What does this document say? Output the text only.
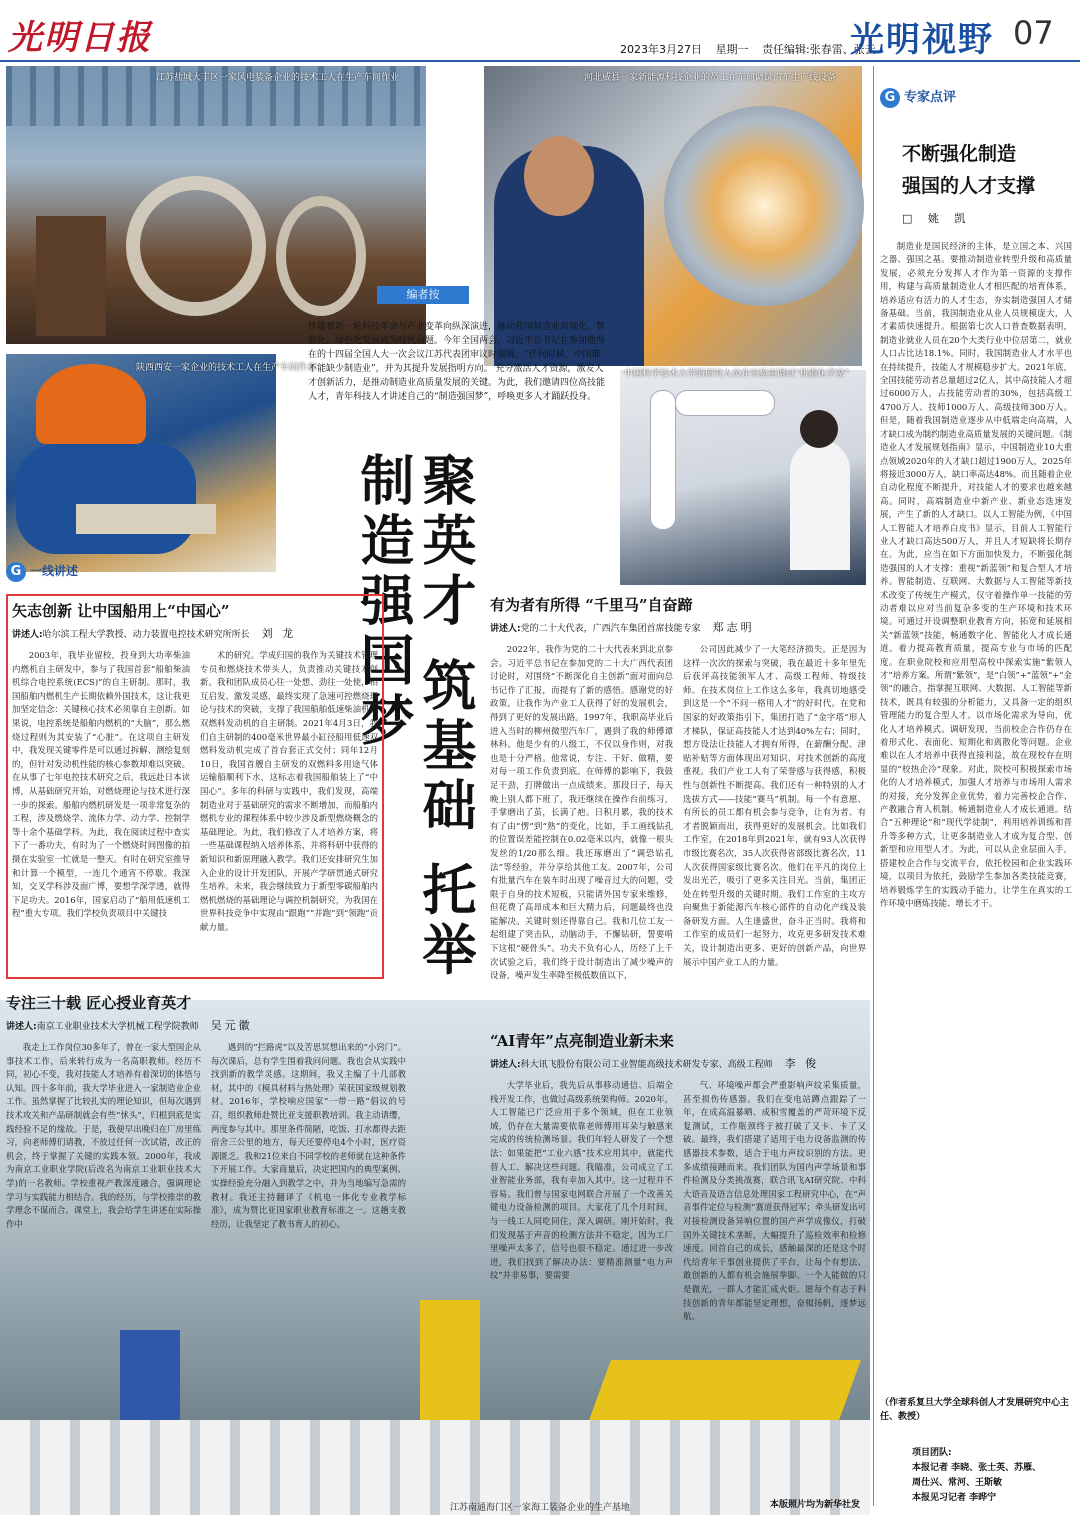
光明日报	2023年3月27日 星期一 责任编辑:张春雷、张云
光明视野 07
江苏盐城大丰区一家风电装备企业的技术工人在生产车间作业	河北威县一家新能源科技企业的员工在车间调试汽车生产线设备
陕西西安一家企业的技术工人在生产车间作业
中国科学技术大学的研究人员在实验室调试“机器化学家”
江苏南通海门区一家海工装备企业的生产基地	本版照片均为新华社发
编者按
伴随着新一轮科技革命与产业变革向纵深演进，推动我国制造业高端化、智能化、绿色化发展成为时代命题。今年全国两会，习近平总书记在参加他所在的十四届全国人大一次会议江苏代表团审议时强调，“任何时候，中国都不能缺少制造业”，并为其提升发展指明方向。 充分激活人才资源，激发人才创新活力，是推动制造业高质量发展的关键。为此，我们邀请四位高技能人才，青年科技人才讲述自己的“制造强国梦”，呼唤更多人才踊跃投身。
聚英才 筑基础 托举制造强国梦
G 一线讲述
矢志创新 让中国船用上“中国心”
讲述人:哈尔滨工程大学教授、动力装置电控技术研究所所长 刘 龙

2003年，我毕业留校，投身到大功率柴油内燃机自主研发中，参与了我国首套“船舶柴油机综合电控系统(ECS)”的自主研制。那时，我国船舶内燃机生产长期依赖外国技术，这让我更加坚定信念：关键核心技术必须靠自主创新。如果说，电控系统是船舶内燃机的“大脑”，那么燃烧过程则为其安装了“心脏”。在这项自主研发中，我发现关键零件是可以通过拆解、测绘复刻的，但针对发动机性能的核心参数却难以突破。在从事了七年电控技术研究之后，我远赴日本读博，从基础研究开始，对燃烧理论与技术进行深一步的探索。船舶内燃机研发是一项非常复杂的工程，涉及燃烧学、流体力学、动力学、控制学等十余个基础学科。为此，我在阅读过程中查实下了一番功夫，有时为了一个燃烧时间图像的拍摄在实验室一忙就是一整天。有时在研究室推导和计算一个模型，一连几个通宵不停歇。我深知，交叉学科涉及面广博，要想学深学透，就得下足功夫。2016年，国家启动了“船用低速机工程”重大专项。我们学校负责项目中关键技

术的研究。学成归国的我作为关键技术管理专员和燃烧技术带头人，负责推动关键技术创新。我和团队成员心往一处想、劲往一处使，相互启发、激发灵感，最终实现了急速可控燃烧理论与技术的突破，支撑了我国船舶低速柴油机和双燃料发动机的自主研制。2021年4月3日，我们自主研制的400毫米世界最小缸径船用低速双燃料发动机完成了首台套正式交付；同年12月10日，我国首艘自主研发的双燃料多用途气体运输船顺利下水，这标志着我国船舶装上了“中国心”。多年的科研与实践中，我们发现，高端制造业对于基础研究的需求不断增加，而船舶内燃机专业的课程体系中较少涉及新型燃烧概念的基础理论。为此，我们修改了人才培养方案，将一些基础课程纳入培养体系，并将科研中获得的新知识和新原理融入教学。我们还安排研究生加入企业的设计开发团队，开展产学研贯通式研究生培养。未来，我会继续致力于新型零碳船舶内燃机燃烧的基础理论与调控机制研究，为我国在世界科技竞争中实现由“跟跑”“并跑”到“领跑”贡献力量。

有为者有所得 “千里马”自奋蹄
讲述人:党的二十大代表，广西汽车集团首席技能专家 郑志明

2022年，我作为党的二十大代表来到北京参会。习近平总书记在参加党的二十大广西代表团讨论时，对围绕“不断深化自主创新”面对面向总书记作了汇报，而提有了新的感悟。感谢党的好政策，让我作为产业工人获得了好的发展机会，得到了更好的发展出路。1997年，我职高毕业后进入当时的柳州微型汽车厂，遇到了我的师傅谭林科。他是少有的八级工，不仅以身作则，对我也是十分严格。他常说，专注、干好、做精，要对每一项工作负责到底。在师傅的影响下，我鼓足干劲，打牌做出一点成绩来。那段日子，每天晚上别人都下班了，我还继续在操作台前练习，手掌磨出了茧，长满了疤。日积月累，我的技术有了由“愣”到“熟”的变化，比如，手工画线钻孔的位置误差能控制在0.02毫米以内，就像一根头发丝的1/20那么细。我还琢磨出了“调恐钻孔法”等经验，并分享给其他工友。2007年，公司有批量汽车在装车时出现了噪音过大的问题，受限于自身的技术短板，只能请外国专家来维修，但花费了高昂成本和巨大精力后，问题最终也没能解决。关键时刻还得靠自己。我和几位工友一起组建了突击队，动脑动手，不懈钻研，誓要啃下这根“硬骨头”。功夫不负有心人，历经了上千次试验之后，我们终于设计制造出了减少噪声的设备，噪声发生率降至极低数值以下，

公司因此减少了一大笔经济损失。正是因为这样一次次的探索与突破，我在最近十多年里先后获评高技能领军人才、高级工程师、特级技师。在技术岗位上工作这么多年，我真切地感受到这是一个“不问一格用人才”的好时代。在党和国家的好政策指引下，集团打造了“金字塔”形人才梯队，保证高技能人才达到40%左右；同时，想方设法让技能人才拥有所得，在薪酬分配、津贴补贴等方面体现出对知识、对技术创新的高度重视。我们产业工人有了荣誉感与获得感，积极性与创新性不断提高。我们还有一种特别的人才选拔方式——技能“赛马”机制。每一个有意愿、有所长的员工都有机会参与竞争，让有为者、有才者脱颖而出，获得更好的发展机会。比如我们工作室，在2018年到2021年，就有93人次获得市级比赛名次，35人次获得省部级比赛名次，11人次获得国家级比赛名次。他们在平凡的岗位上发出光芒，吸引了更多关注目光。当前，集团正处在转型升级的关键时期。我们工作室的主攻方向聚焦于新能源汽车核心部件的自动化产线及装备研发方面。人生逢盛世，奋斗正当时。我将和工作室的成员们一起努力，攻克更多研发技术难关，设计制造出更多、更好的创新产品，向世界展示中国产业工人的力量。

专注三十载 匠心授业育英才
讲述人:南京工业职业技术大学机械工程学院教师 吴元徽

我走上工作岗位30多年了，曾在一家大型国企从事技术工作，后来转行成为一名高职教师。经历不同，初心不变，我对技能人才培养有着深切的体悟与认知。四十多年前，我大学毕业进入一家制造业企业工作。虽然掌握了比较扎实的理论知识，但每次遇到技术攻关和产品研制就会有些“怵头”，归根到底是实践经验不足的缘故。于是，我便早出晚归在厂房里练习，向老师傅们请教，不放过任何一次试错，改正的机会，终于掌握了关键的实践本领。2000年，我成为南京工业职业学院(后改名为南京工业职业技术大学)的一名教师。学校重视产教深度融合，强调理论学习与实践能力相结合。我的经历，与学校推崇的教学理念不谋而合。课堂上，我会给学生讲述在实际操作中

遇到的“拦路虎”以及苦思冥想出来的“小窍门”。每次课后，总有学生围着我问问题。我也会从实践中找到新的教学灵感。这期间，我又主编了十几部教材，其中的《模具材料与热处理》荣获国家级规划教材。2016年，学校响应国家“一带一路”倡议的号召，组织教师赴赞比亚支援职教培训。我主动请缨，两度参与其中。那里条件简陋，吃饭、打水都得去距宿舍三公里的地方，每天还要停电4个小时，医疗资源匮乏。我和21位来自不同学校的老师就在这种条件下开展工作。大家商量后，决定把国内的典型案例、实操经验充分融入到教学之中，并为当地编写急需的教材。我还主持翻译了《机电一体化专业教学标准》，成为赞比亚国家职业教育标准之一。这趟支教经历，让我坚定了教书育人的初心。

“AI青年”点亮制造业新未来
讲述人:科大讯飞股份有限公司工业智能高级技术研发专家、高级工程师 李 俊

大学毕业后，我先后从事移动通信、后端全栈开发工作，也做过高级系统架构师。2020年，人工智能已广泛应用于多个领域，但在工业领域，仍存在大量需要依靠老师傅用耳朵与触感来完成的传统检测场景。我们年轻人研发了一个想法：如果能把“工业六感”技术应用其中，就能代替人工、解决这些问题。我瞄准，公司成立了工业智能业务部，我有幸加入其中。这一过程并不容易。我们曾与国家电网联合开展了一个改善关键电力设备检测的项目。大家花了几个月时间，与一线工人同吃同住，深入调研。刚开始时，我们发现基于声音的检测方法并不稳定，因为工厂里噪声太多了，信号也很不稳定。通过进一步改进，我们找到了解决办法：要精准测量“电力声纹”并非易事，要需要

气、环境噪声都会严重影响声纹采集质量，甚至损伤传感器。我们在变电站蹲点跟踪了一年，在成高温暴晒、成积雪覆盖的严苛环境下反复测试，工作瓶颈终于被打破了又卡、卡了又破。最终，我们搭建了适用于电力设备监测的传感器技术参数，适合于电力声纹识别的方法。更多成绩接踵而来。我们团队为国内声学场景和事件检测及分类挑战赛，联合讯飞AI研究院、中科大语音及语言信息处理国家工程研究中心，在“声音事件定位与检测”赛道获得冠军；牵头研发出可对接检测设备异响位置的国产声学成像仪，打破国外关键技术垄断，大幅提升了巡检效率和检修速度。回首自己的成长，感触最深的还是这个时代给青年干事创业提供了平台，让每个有想法、敢创新的人都有机会施展拳脚。一个人能做的只是微光，一群人才能汇成火炬。愿每个有志于科技创新的青年都能坚定理想，奋楫扬帆，逐梦远航。

G 专家点评
不断强化制造
强国的人才支撑
□ 姚 凯
制造业是国民经济的主体，是立国之本、兴国之器、强国之基。要推动制造业转型升级和高质量发展，必须充分发挥人才作为第一资源的支撑作用，构建与高质量制造业人才相匹配的培育体系，培养适应有活力的人才生态，夯实制造强国人才储备基础。当前，我国制造业从业人员规模庞大，人才素质快速提升。根据第七次人口普查数据表明，制造业就业人员在20个大类行业中位居第二，就业人口占比达18.1%。同时，我国制造业人才水平也在持续提升，技能人才规模稳步扩大。2021年底，全国技能劳动者总量超过2亿人，其中高技能人才超过6000万人，占技能劳动者的30%，包括高级工4700万人、技师1000万人、高级技师300万人。但是，随着我国制造业逐步从中低端走向高端，人才缺口成为制约制造业高质量发展的关键问题。《制造业人才发展规划指南》显示，中国制造业10大重点领域2020年的人才缺口超过1900万人，2025年将接近3000万人，缺口率高达48%。而且随着企业自动化程度不断提升，对技能人才的要求也越来越高。同时，高端制造业中新产业、新业态迭速发展，产生了新的人才缺口。以人工智能为例，《中国人工智能人才培养白皮书》显示，目前人工智能行业人才缺口高达500万人，并且人才短缺将长期存在。为此，应当在如下方面加快发力，不断强化制造强国的人才支撑：重视“新蓝领”和复合型人才培养。智能制造、互联网、大数据与人工智能等新技术改变了传统生产模式，仅守着操作单一技能的劳动者难以应对当前复杂多变的生产环境和技术环境。可通过开设调整职业教育方向，拓宽和延展相关“新蓝领”技能，畅通数字化、智能化人才成长通道。着力提高教育质量，提高专业与市场的匹配度。在职业院校和应用型高校中探索实施“紫领人才”培养方案。所谓“紫领”，是“白领”+“蓝领”+“金领”的融合，指掌握互联网、大数据、人工智能等新技术，既具有较强的分析能力，又具备一定的组织管理能力的复合型人才。以市场化需求为导向，优化人才培养模式。调研发现，当前校企合作仍存在着形式化、表面化、短期化和离散化等问题。企业难以在人才培养中获得直接利益，故在现校存在明显的“校热企冷”现象。对此，院校可积极探索市场化的人才培养模式，加强人才培养与市场用人需求的对接，充分发挥企业优势，着力完善校企合作、产教融合育人机制。畅通制造业人才成长通道。结合“五种理论”和“现代学徒制”，利用培养训练和晋升等多种方式，让更多制造业人才成为复合型、创新型和应用型人才。为此，可以从企业层面入手，搭建校企合作与交流平台，依托校园和企业实践环境，以项目为依托，鼓励学生参加各类技能竞赛，培养锻炼学生的实践动手能力，让学生在真实的工作环境中磨炼技能、增长才干。
（作者系复旦大学全球科创人才发展研究中心主任、教授）
项目团队:
本报记者 李晓、张士英、苏雁、
周仕兴、常河、王斯敏
本报见习记者 李晔宁
